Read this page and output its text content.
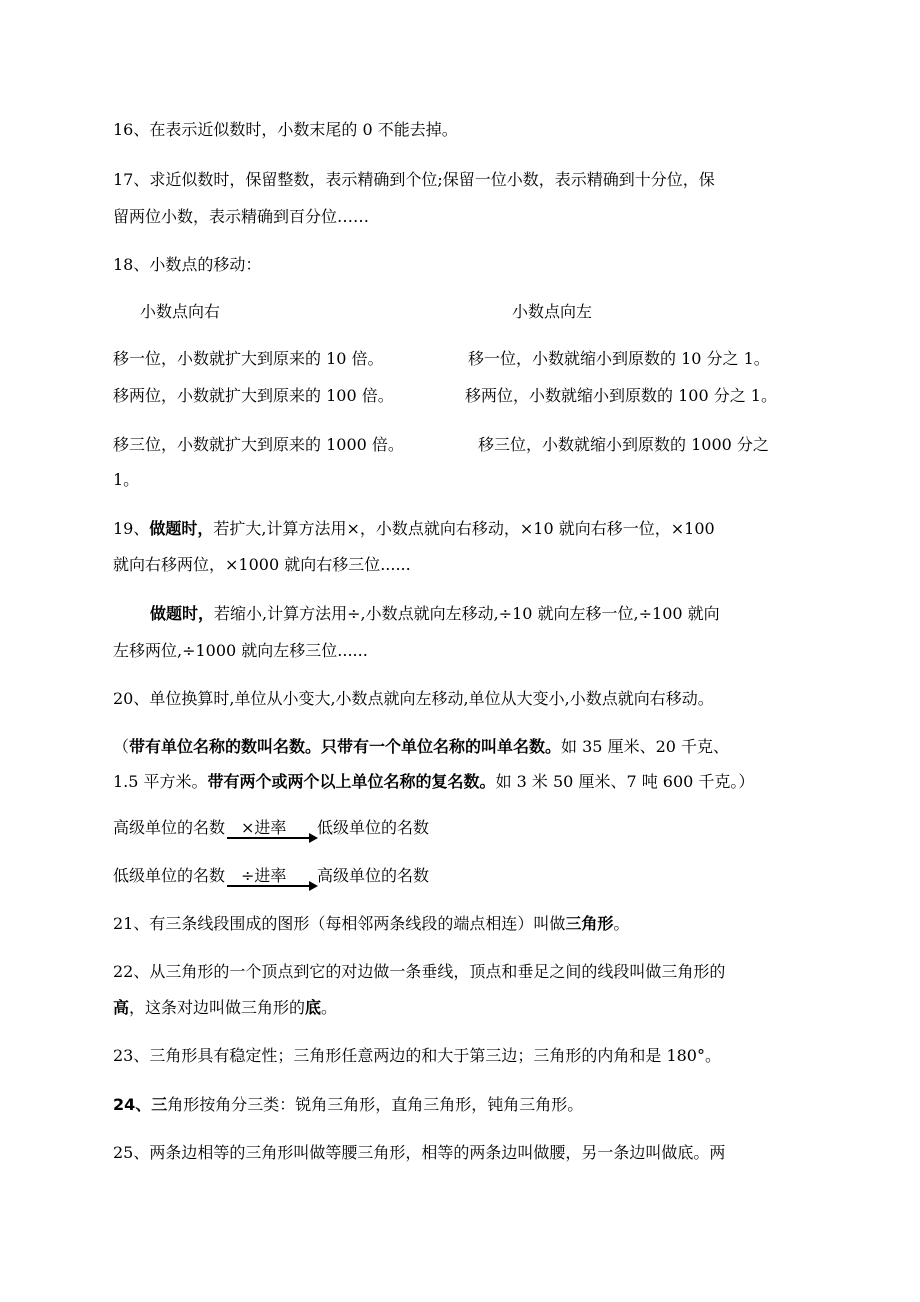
16、在表示近似数时，小数末尾的 0 不能去掉。
17、求近似数时，保留整数，表示精确到个位;保留一位小数，表示精确到十分位，保
留两位小数，表示精确到百分位……
18、小数点的移动：
小数点向右	小数点向左
移一位，小数就扩大到原来的 10 倍。	移一位，小数就缩小到原数的 10 分之 1。
移两位，小数就扩大到原来的 100 倍。	移两位，小数就缩小到原数的 100 分之 1。
移三位，小数就扩大到原来的 1000 倍。	移三位，小数就缩小到原数的 1000 分之
1。
19、做题时，若扩大,计算方法用×，小数点就向右移动，×10 就向右移一位，×100
就向右移两位，×1000 就向右移三位......
做题时，若缩小,计算方法用÷,小数点就向左移动,÷10 就向左移一位,÷100 就向
左移两位,÷1000 就向左移三位......
20、单位换算时,单位从小变大,小数点就向左移动,单位从大变小,小数点就向右移动。
（带有单位名称的数叫名数。只带有一个单位名称的叫单名数。如 35 厘米、20 千克、
1.5 平方米。带有两个或两个以上单位名称的复名数。如 3 米 50 厘米、7 吨 600 千克。）
高级单位的名数 ×进率 低级单位的名数
低级单位的名数 ÷进率 高级单位的名数
21、有三条线段围成的图形（每相邻两条线段的端点相连）叫做三角形。
22、从三角形的一个顶点到它的对边做一条垂线，顶点和垂足之间的线段叫做三角形的
高，这条对边叫做三角形的底。
23、三角形具有稳定性；三角形任意两边的和大于第三边；三角形的内角和是 180°。
24、三角形按角分三类：锐角三角形，直角三角形，钝角三角形。
25、两条边相等的三角形叫做等腰三角形，相等的两条边叫做腰，另一条边叫做底。两
